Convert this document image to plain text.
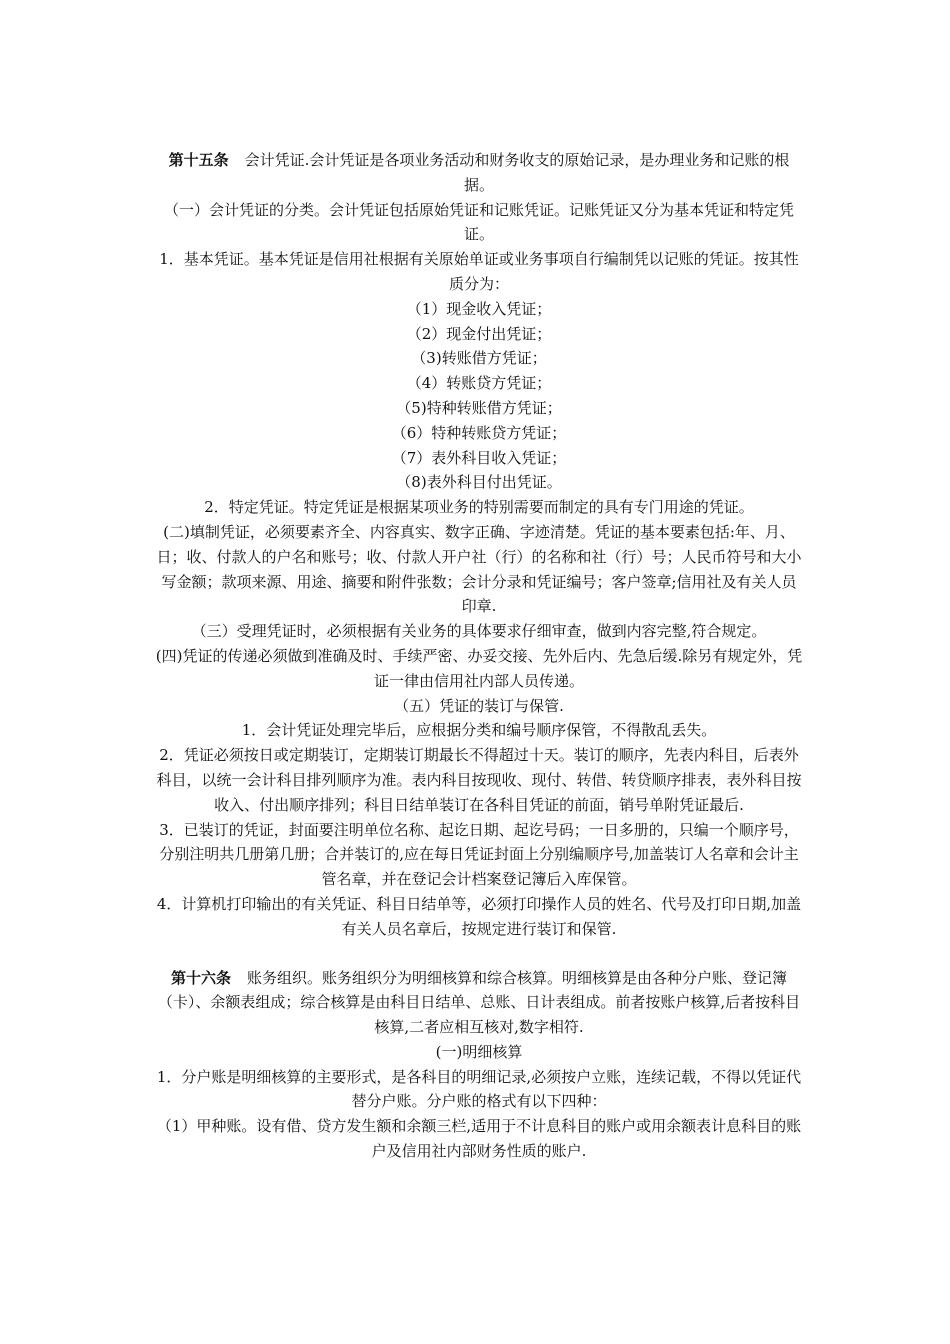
第十五条 会计凭证.会计凭证是各项业务活动和财务收支的原始记录，是办理业务和记账的根据。
（一）会计凭证的分类。会计凭证包括原始凭证和记账凭证。记账凭证又分为基本凭证和特定凭证。
1．基本凭证。基本凭证是信用社根据有关原始单证或业务事项自行编制凭以记账的凭证。按其性质分为：
（1）现金收入凭证；
（2）现金付出凭证；
（3)转账借方凭证；
（4）转账贷方凭证；
（5)特种转账借方凭证；
（6）特种转账贷方凭证；
（7）表外科目收入凭证；
（8)表外科目付出凭证。
2．特定凭证。特定凭证是根据某项业务的特别需要而制定的具有专门用途的凭证。
(二)填制凭证，必须要素齐全、内容真实、数字正确、字迹清楚。凭证的基本要素包括:年、月、日；收、付款人的户名和账号；收、付款人开户社（行）的名称和社（行）号；人民币符号和大小写金额；款项来源、用途、摘要和附件张数；会计分录和凭证编号；客户签章;信用社及有关人员印章.
（三）受理凭证时，必须根据有关业务的具体要求仔细审查，做到内容完整,符合规定。
(四)凭证的传递必须做到准确及时、手续严密、办妥交接、先外后内、先急后缓.除另有规定外，凭证一律由信用社内部人员传递。
（五）凭证的装订与保管.
1．会计凭证处理完毕后，应根据分类和编号顺序保管，不得散乱丢失。
2．凭证必须按日或定期装订，定期装订期最长不得超过十天。装订的顺序，先表内科目，后表外科目，以统一会计科目排列顺序为准。表内科目按现收、现付、转借、转贷顺序排表，表外科目按收入、付出顺序排列；科目日结单装订在各科目凭证的前面，销号单附凭证最后.
3．已装订的凭证，封面要注明单位名称、起讫日期、起讫号码；一日多册的，只编一个顺序号，分别注明共几册第几册；合并装订的,应在每日凭证封面上分别编顺序号,加盖装订人名章和会计主管名章，并在登记会计档案登记簿后入库保管。
4．计算机打印输出的有关凭证、科目日结单等，必须打印操作人员的姓名、代号及打印日期,加盖有关人员名章后，按规定进行装订和保管.
第十六条 账务组织。账务组织分为明细核算和综合核算。明细核算是由各种分户账、登记簿（卡）、余额表组成；综合核算是由科目日结单、总账、日计表组成。前者按账户核算,后者按科目核算,二者应相互核对,数字相符.
(一)明细核算
1．分户账是明细核算的主要形式，是各科目的明细记录,必须按户立账，连续记载，不得以凭证代替分户账。分户账的格式有以下四种：
（1）甲种账。设有借、贷方发生额和余额三栏,适用于不计息科目的账户或用余额表计息科目的账户及信用社内部财务性质的账户.
